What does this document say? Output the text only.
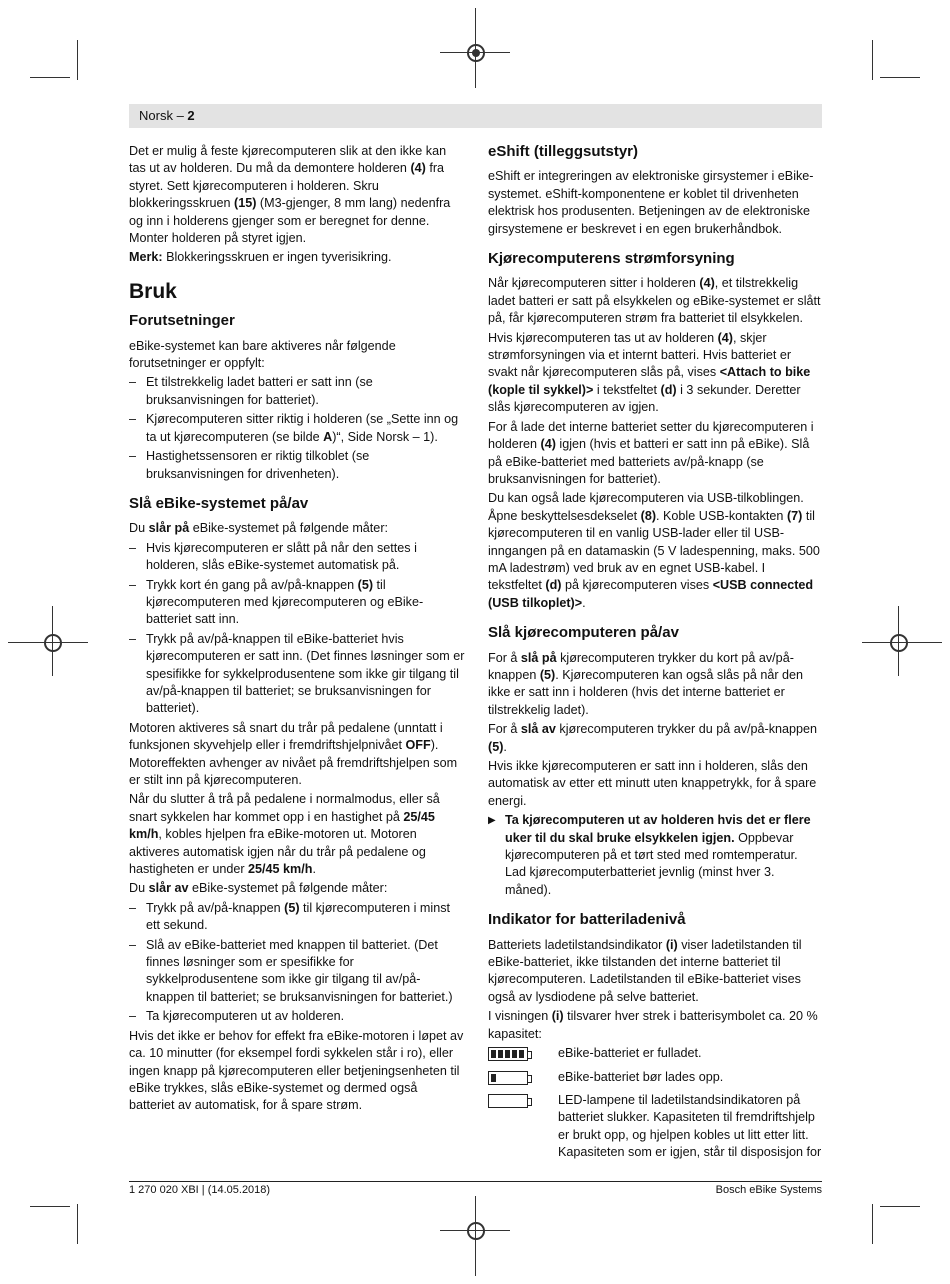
Norsk – 2

Det er mulig å feste kjørecomputeren slik at den ikke kan tas ut av holderen. Du må da demontere holderen (4) fra styret. Sett kjørecomputeren i holderen. Skru blokkeringsskruen (15) (M3-gjenger, 8 mm lang) nedenfra og inn i holderens gjenger som er beregnet for denne. Monter holderen på styret igjen.

Merk: Blokkeringsskruen er ingen tyverisikring.

Bruk
Forutsetninger

eBike-systemet kan bare aktiveres når følgende forutsetninger er oppfylt:

– Et tilstrekkelig ladet batteri er satt inn (se bruksanvisningen for batteriet).
– Kjørecomputeren sitter riktig i holderen (se „Sette inn og ta ut kjørecomputeren (se bilde A)“, Side Norsk – 1).
– Hastighetssensoren er riktig tilkoblet (se bruksanvisningen for drivenheten).
Slå eBike-systemet på/av

Du slår på eBike-systemet på følgende måter:

– Hvis kjørecomputeren er slått på når den settes i holderen, slås eBike-systemet automatisk på.
– Trykk kort én gang på av/på-knappen (5) til kjørecomputeren med kjørecomputeren og eBike-batteriet satt inn.
– Trykk på av/på-knappen til eBike-batteriet hvis kjørecomputeren er satt inn. (Det finnes løsninger som er spesifikke for sykkelprodusentene som ikke gir tilgang til av/på-knappen til batteriet; se bruksanvisningen for batteriet).

Motoren aktiveres så snart du trår på pedalene (unntatt i funksjonen skyvehjelp eller i fremdriftshjelpnivået OFF). Motoreffekten avhenger av nivået på fremdriftshjelpen som er stilt inn på kjørecomputeren.

Når du slutter å trå på pedalene i normalmodus, eller så snart sykkelen har kommet opp i en hastighet på 25/45 km/h, kobles hjelpen fra eBike-motoren ut. Motoren aktiveres automatisk igjen når du trår på pedalene og hastigheten er under 25/45 km/h.

Du slår av eBike-systemet på følgende måter:

– Trykk på av/på-knappen (5) til kjørecomputeren i minst ett sekund.
– Slå av eBike-batteriet med knappen til batteriet. (Det finnes løsninger som er spesifikke for sykkelprodusentene som ikke gir tilgang til av/på-knappen til batteriet; se bruksanvisningen for batteriet.)
– Ta kjørecomputeren ut av holderen.

Hvis det ikke er behov for effekt fra eBike-motoren i løpet av ca. 10 minutter (for eksempel fordi sykkelen står i ro), eller ingen knapp på kjørecomputeren eller betjeningsenheten til eBike trykkes, slås eBike-systemet og dermed også batteriet av automatisk, for å spare strøm.

eShift (tilleggsutstyr)

eShift er integreringen av elektroniske girsystemer i eBike-systemet. eShift-komponentene er koblet til drivenheten elektrisk hos produsenten. Betjeningen av de elektroniske girsystemene er beskrevet i en egen brukerhåndbok.

Kjørecomputerens strømforsyning

Når kjørecomputeren sitter i holderen (4), et tilstrekkelig ladet batteri er satt på elsykkelen og eBike-systemet er slått på, får kjørecomputeren strøm fra batteriet til elsykkelen.

Hvis kjørecomputeren tas ut av holderen (4), skjer strømforsyningen via et internt batteri. Hvis batteriet er svakt når kjørecomputeren slås på, vises <Attach to bike (kople til sykkel)> i tekstfeltet (d) i 3 sekunder. Deretter slås kjørecomputeren av igjen.

For å lade det interne batteriet setter du kjørecomputeren i holderen (4) igjen (hvis et batteri er satt inn på eBike). Slå på eBike-batteriet med batteriets av/på-knapp (se bruksanvisningen for batteriet).

Du kan også lade kjørecomputeren via USB-tilkoblingen. Åpne beskyttelsesdekselet (8). Koble USB-kontakten (7) til kjørecomputeren til en vanlig USB-lader eller til USB-inngangen på en datamaskin (5 V ladespenning, maks. 500 mA ladestrøm) ved bruk av en egnet USB-kabel. I tekstfeltet (d) på kjørecomputeren vises <USB connected (USB tilkoplet)>.

Slå kjørecomputeren på/av

For å slå på kjørecomputeren trykker du kort på av/på-knappen (5). Kjørecomputeren kan også slås på når den ikke er satt inn i holderen (hvis det interne batteriet er tilstrekkelig ladet).

For å slå av kjørecomputeren trykker du på av/på-knappen (5).

Hvis ikke kjørecomputeren er satt inn i holderen, slås den automatisk av etter ett minutt uten knappetrykk, for å spare energi.

▶ Ta kjørecomputeren ut av holderen hvis det er flere uker til du skal bruke elsykkelen igjen. Oppbevar kjørecomputeren på et tørt sted med romtemperatur. Lad kjørecomputerbatteriet jevnlig (minst hver 3. måned).
Indikator for batteriladenivå

Batteriets ladetilstandsindikator (i) viser ladetilstanden til eBike-batteriet, ikke tilstanden det interne batteriet til kjørecomputeren. Ladetilstanden til eBike-batteriet vises også av lysdiodene på selve batteriet.

I visningen (i) tilsvarer hver strek i batterisymbolet ca. 20 % kapasitet:

eBike-batteriet er fulladet.
eBike-batteriet bør lades opp.
LED-lampene til ladetilstandsindikatoren på batteriet slukker. Kapasiteten til fremdriftshjelp er brukt opp, og hjelpen kobles ut litt etter litt. Kapasiteten som er igjen, står til disposisjon for
1 270 020 XBI | (14.05.2018)	Bosch eBike Systems
